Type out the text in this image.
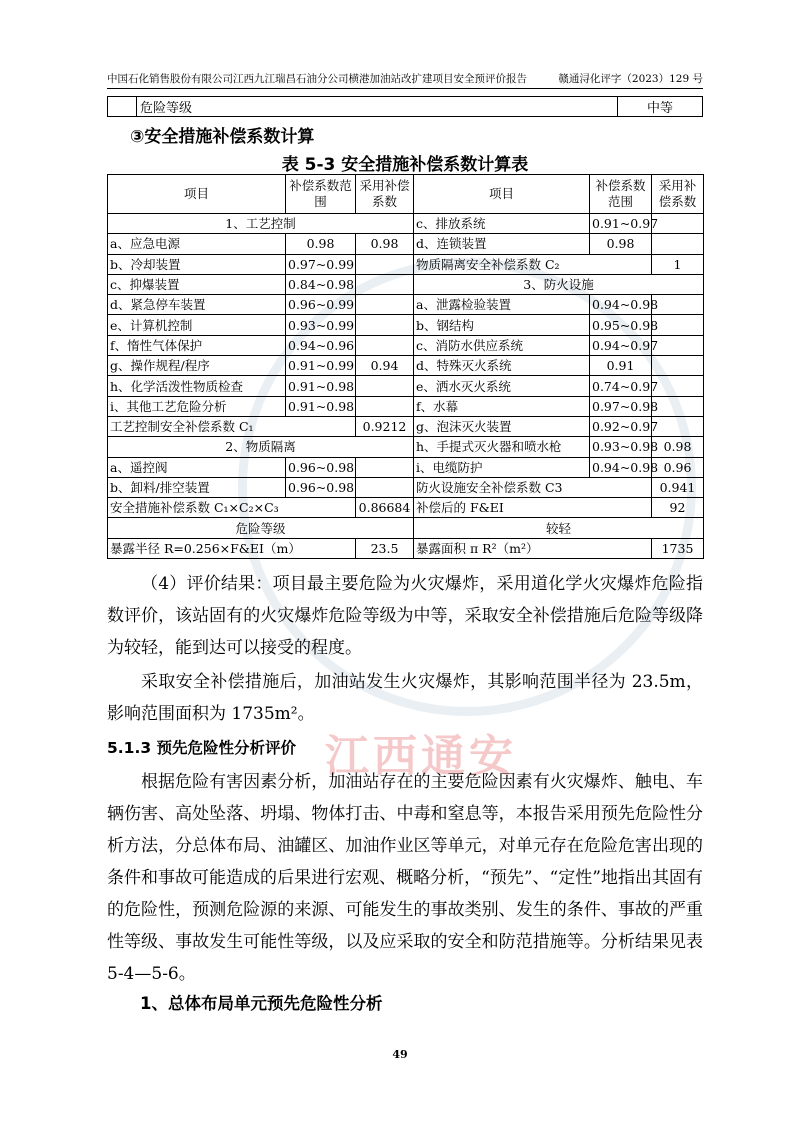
江西通安
中国石化销售股份有限公司江西九江瑞昌石油分公司横港加油站改扩建项目安全预评价报告	赣通浔化评字（2023）129 号
	危险等级	中等
③安全措施补偿系数计算
表 5-3 安全措施补偿系数计算表
项目	补偿系数范围	采用补偿系数	项目	补偿系数范围	采用补偿系数
1、工艺控制			c、排放系统	0.91~0.97	
a、应急电源	0.98	0.98	d、连锁装置	0.98	
b、冷却装置	0.97~0.99		物质隔离安全补偿系数 C₂		1
c、抑爆装置	0.84~0.98		3、防火设施		
d、紧急停车装置	0.96~0.99		a、泄露检验装置	0.94~0.98	
e、计算机控制	0.93~0.99		b、钢结构	0.95~0.98	
f、惰性气体保护	0.94~0.96		c、消防水供应系统	0.94~0.97	
g、操作规程/程序	0.91~0.99	0.94	d、特殊灭火系统	0.91	
h、化学活泼性物质检查	0.91~0.98		e、洒水灭火系统	0.74~0.97	
i、其他工艺危险分析	0.91~0.98		f、水幕	0.97~0.98	
工艺控制安全补偿系数 C₁		0.9212	g、泡沫灭火装置	0.92~0.97	
2、物质隔离			h、手提式灭火器和喷水枪	0.93~0.98	0.98
a、遥控阀	0.96~0.98		i、电缆防护	0.94~0.98	0.96
b、卸料/排空装置	0.96~0.98		防火设施安全补偿系数 C3		0.941
安全措施补偿系数 C₁×C₂×C₃		0.86684	补偿后的 F&EI		92
危险等级			较轻		
暴露半径 R=0.256×F&EI（m）		23.5	暴露面积 π R²（m²）		1735
（4）评价结果：项目最主要危险为火灾爆炸，采用道化学火灾爆炸危险指数评价，该站固有的火灾爆炸危险等级为中等，采取安全补偿措施后危险等级降为较轻，能到达可以接受的程度。
采取安全补偿措施后，加油站发生火灾爆炸，其影响范围半径为 23.5m，影响范围面积为 1735m²。
5.1.3 预先危险性分析评价
根据危险有害因素分析，加油站存在的主要危险因素有火灾爆炸、触电、车辆伤害、高处坠落、坍塌、物体打击、中毒和窒息等，本报告采用预先危险性分析方法，分总体布局、油罐区、加油作业区等单元，对单元存在危险危害出现的条件和事故可能造成的后果进行宏观、概略分析，“预先”、“定性”地指出其固有的危险性，预测危险源的来源、可能发生的事故类别、发生的条件、事故的严重性等级、事故发生可能性等级，以及应采取的安全和防范措施等。分析结果见表 5-4—5-6。
1、总体布局单元预先危险性分析
49
